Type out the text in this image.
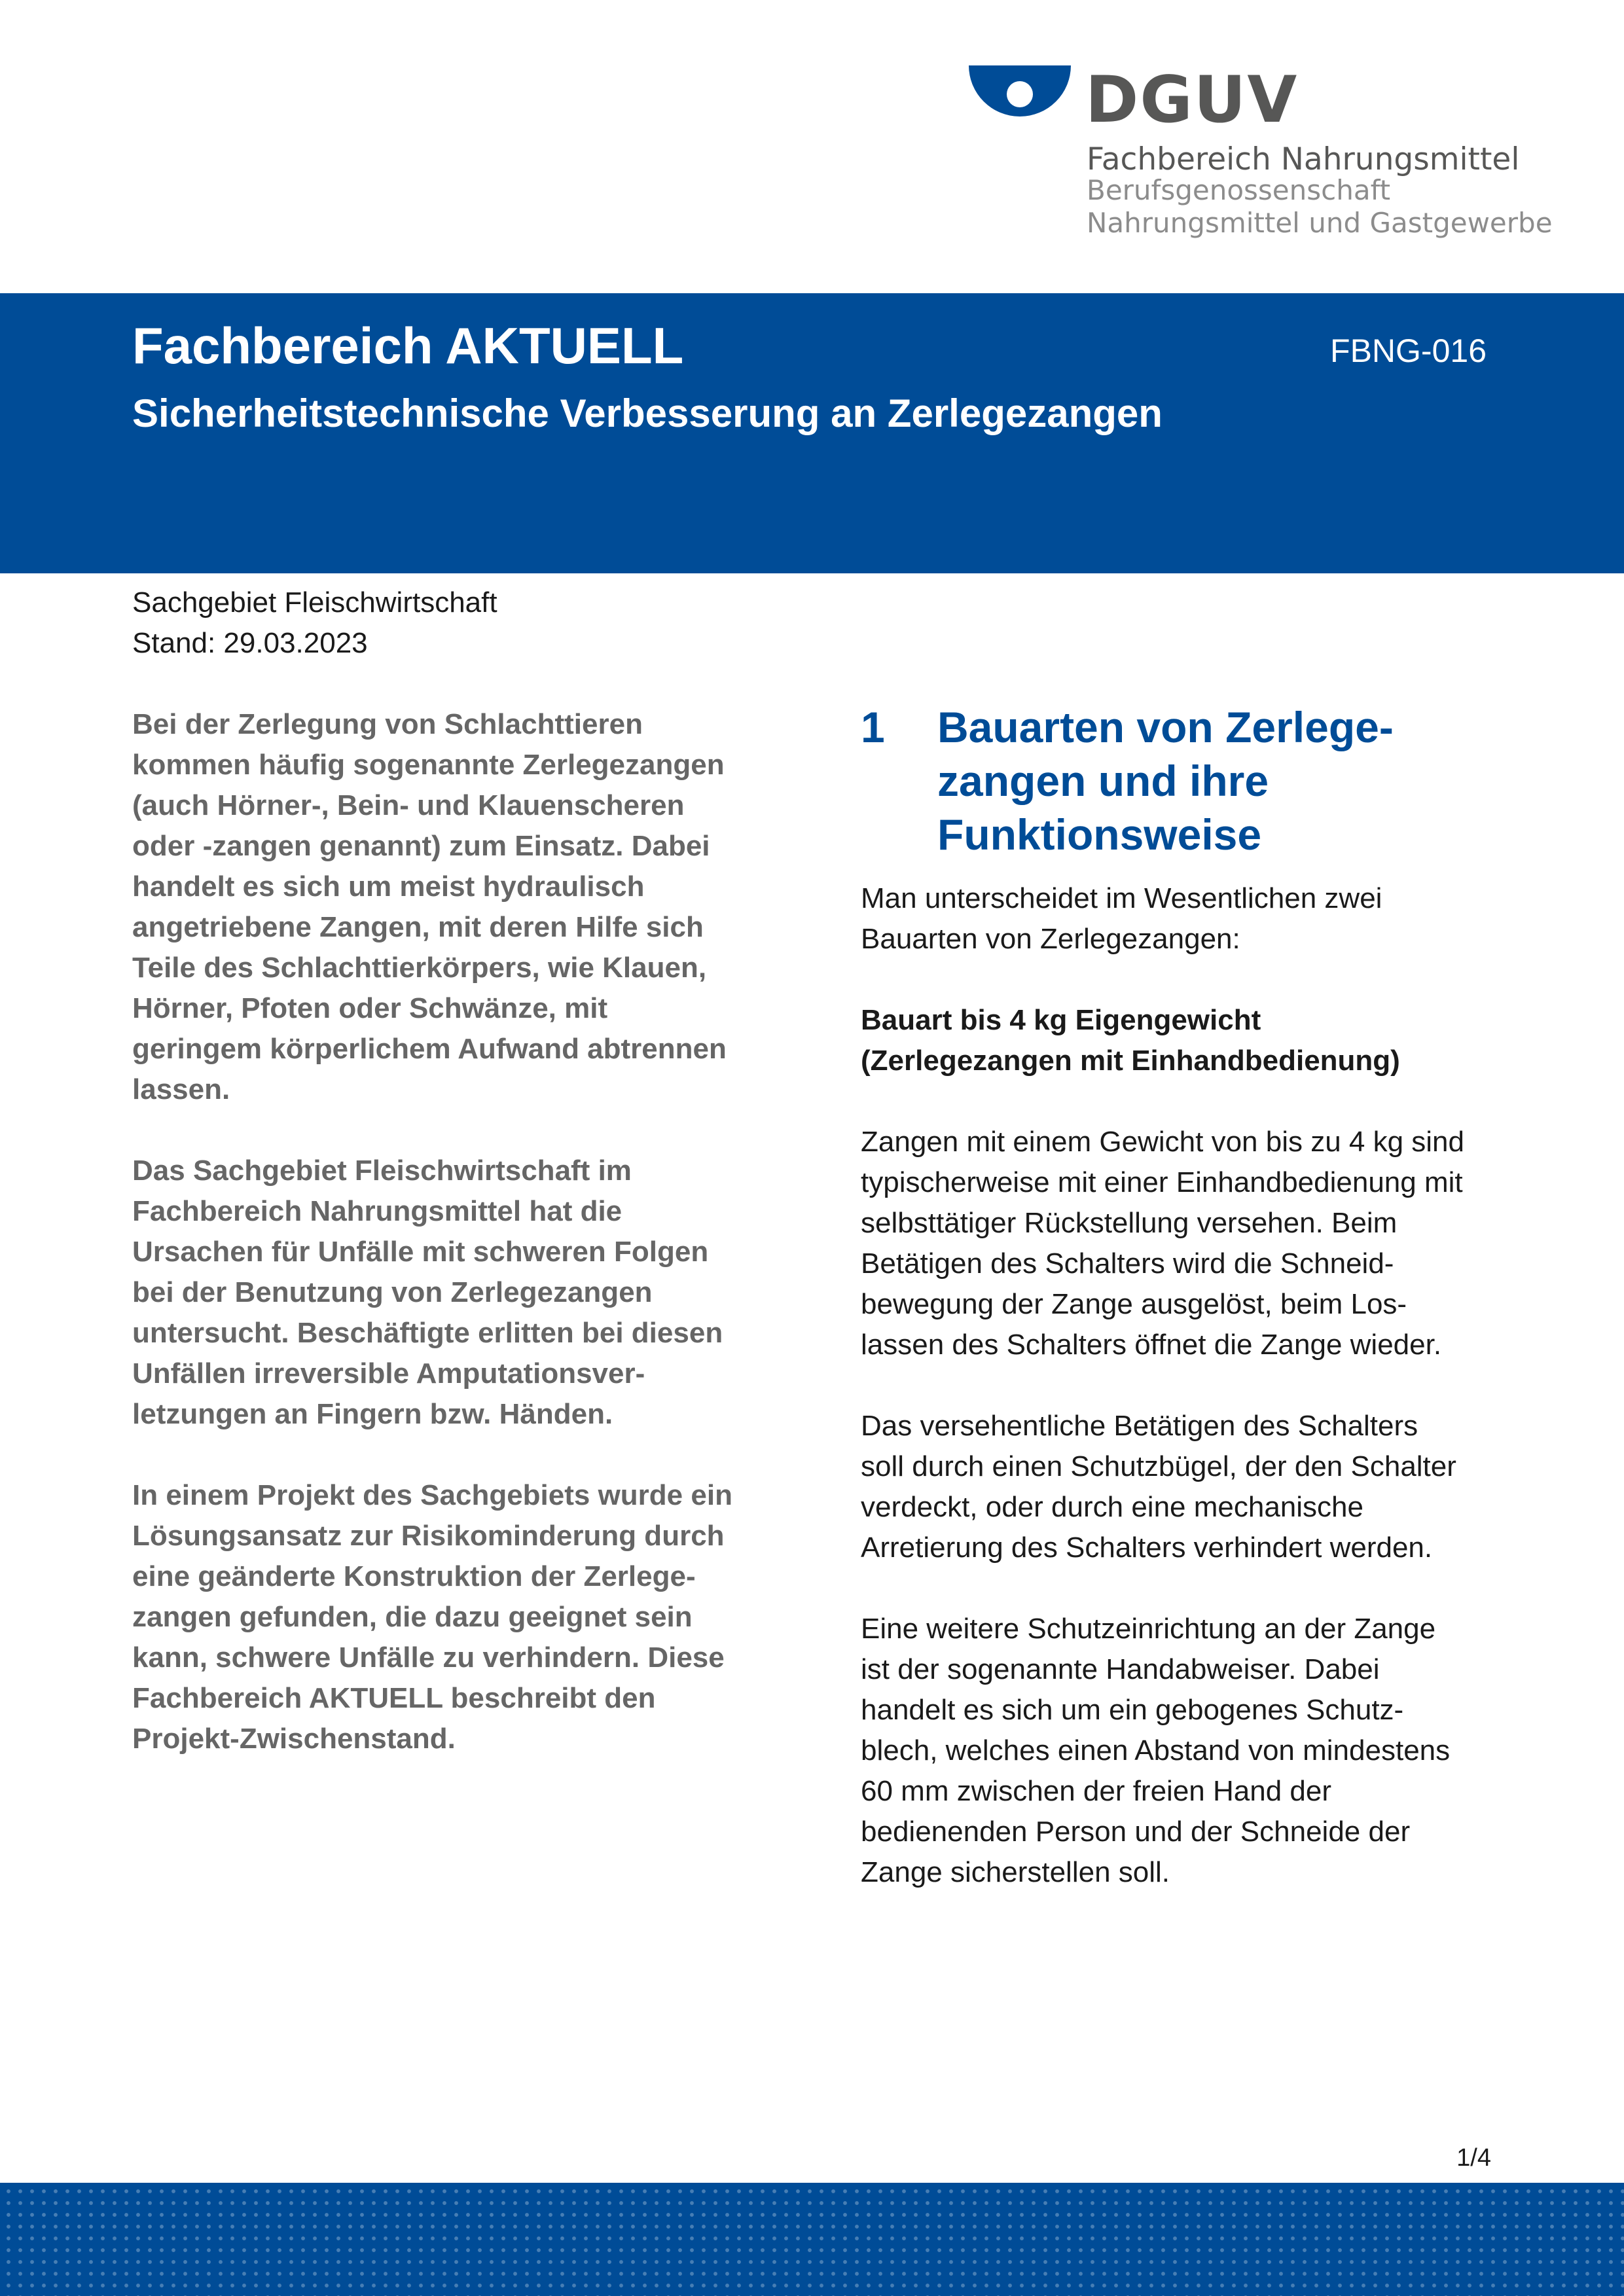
DGUV
Fachbereich Nahrungsmittel
Berufsgenossenschaft
Nahrungsmittel und Gastgewerbe
Fachbereich AKTUELL	FBNG-016
Sicherheitstechnische Verbesserung an Zerlegezangen
Sachgebiet Fleischwirtschaft
Stand: 29.03.2023

Bei der Zerlegung von Schlachttieren
kommen häufig sogenannte Zerlegezangen
(auch Hörner-, Bein- und Klauenscheren
oder -zangen genannt) zum Einsatz. Dabei
handelt es sich um meist hydraulisch
angetriebene Zangen, mit deren Hilfe sich
Teile des Schlachttierkörpers, wie Klauen,
Hörner, Pfoten oder Schwänze, mit
geringem körperlichem Aufwand abtrennen
lassen.

Das Sachgebiet Fleischwirtschaft im
Fachbereich Nahrungsmittel hat die
Ursachen für Unfälle mit schweren Folgen
bei der Benutzung von Zerlegezangen
untersucht. Beschäftigte erlitten bei diesen
Unfällen irreversible Amputationsver-
letzungen an Fingern bzw. Händen.

In einem Projekt des Sachgebiets wurde ein
Lösungsansatz zur Risikominderung durch
eine geänderte Konstruktion der Zerlege-
zangen gefunden, die dazu geeignet sein
kann, schwere Unfälle zu verhindern. Diese
Fachbereich AKTUELL beschreibt den
Projekt-Zwischenstand.

1 Bauarten von Zerlege-
zangen und ihre
Funktionsweise

Man unterscheidet im Wesentlichen zwei
Bauarten von Zerlegezangen:

Bauart bis 4 kg Eigengewicht
(Zerlegezangen mit Einhandbedienung)

Zangen mit einem Gewicht von bis zu 4 kg sind
typischerweise mit einer Einhandbedienung mit
selbsttätiger Rückstellung versehen. Beim
Betätigen des Schalters wird die Schneid-
bewegung der Zange ausgelöst, beim Los-
lassen des Schalters öffnet die Zange wieder.

Das versehentliche Betätigen des Schalters
soll durch einen Schutzbügel, der den Schalter
verdeckt, oder durch eine mechanische
Arretierung des Schalters verhindert werden.

Eine weitere Schutzeinrichtung an der Zange
ist der sogenannte Handabweiser. Dabei
handelt es sich um ein gebogenes Schutz-
blech, welches einen Abstand von mindestens
60 mm zwischen der freien Hand der
bedienenden Person und der Schneide der
Zange sicherstellen soll.

1/4
